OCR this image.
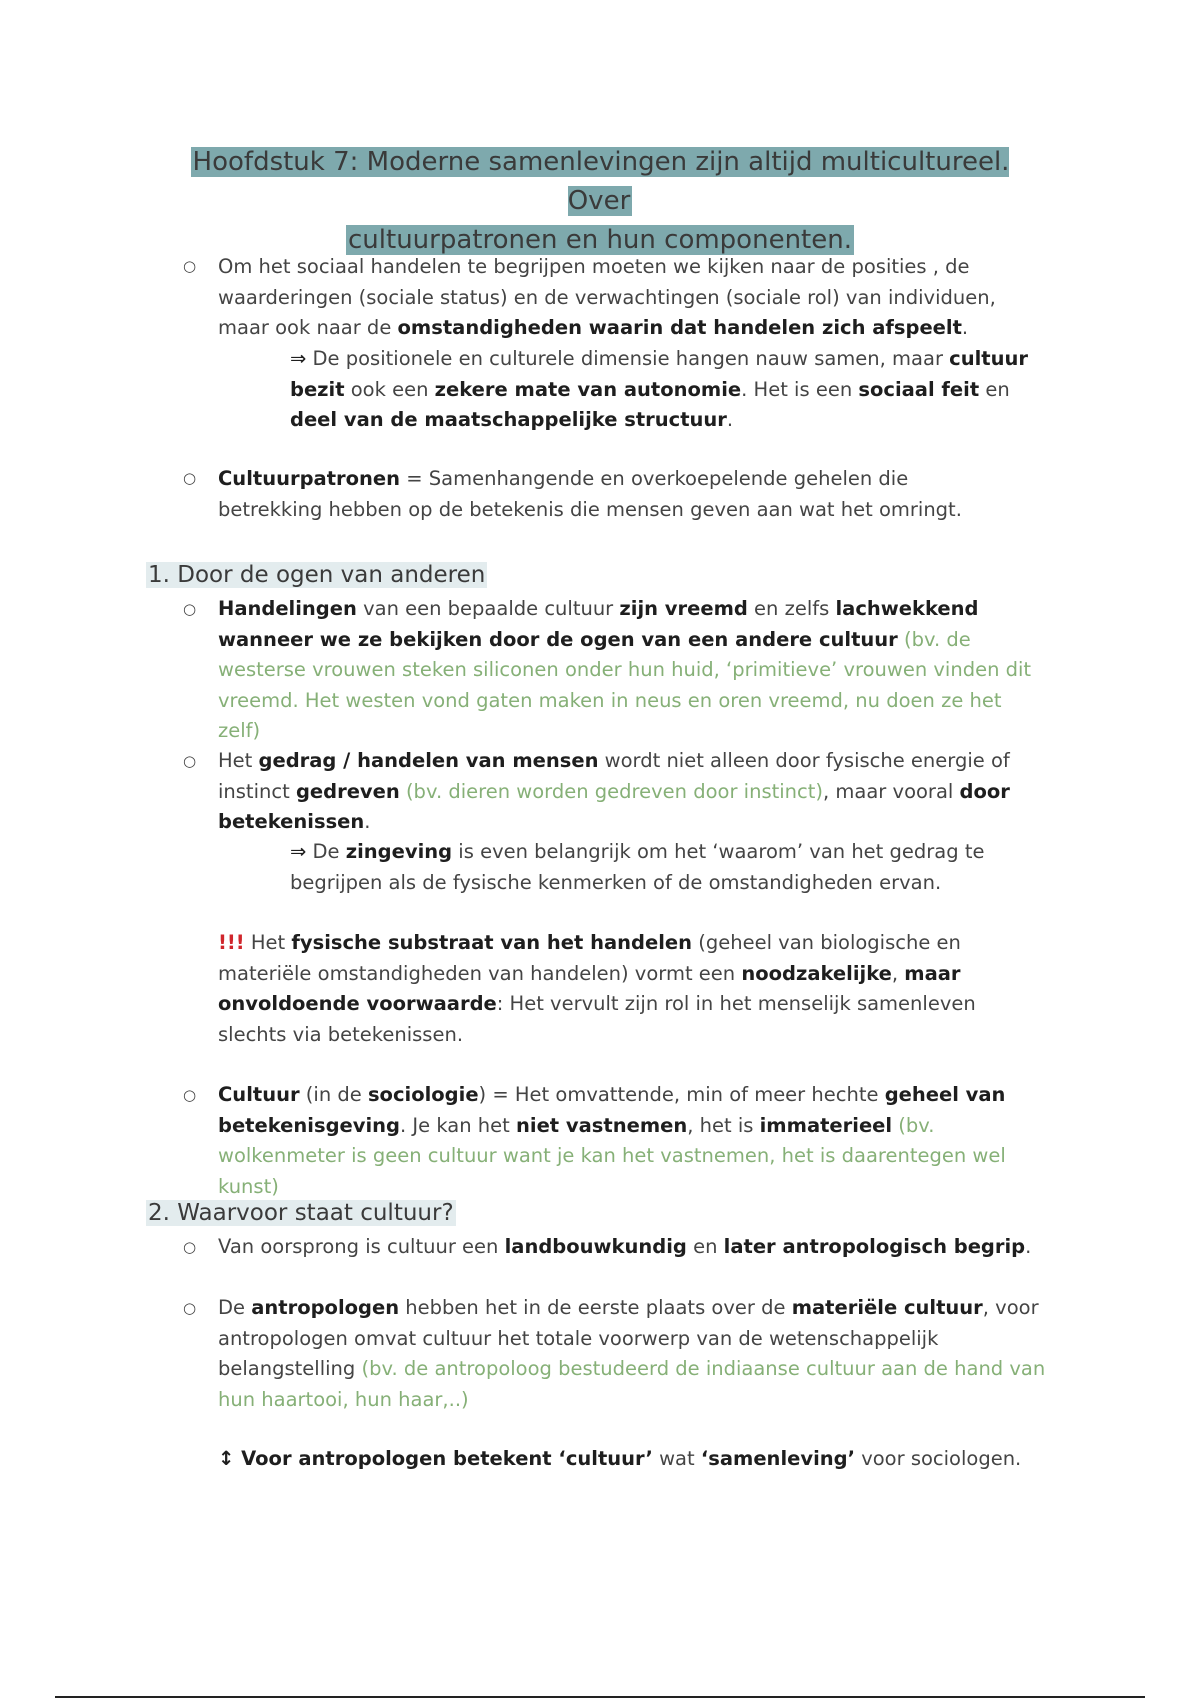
Hoofdstuk 7: Moderne samenlevingen zijn altijd multicultureel. Over
cultuurpatronen en hun componenten.
○ Om het sociaal handelen te begrijpen moeten we kijken naar de posities , de waarderingen (sociale status) en de verwachtingen (sociale rol) van individuen, maar ook naar de omstandigheden waarin dat handelen zich afspeelt.
⇒ De positionele en culturele dimensie hangen nauw samen, maar cultuur bezit ook een zekere mate van autonomie. Het is een sociaal feit en deel van de maatschappelijke structuur.
○ Cultuurpatronen = Samenhangende en overkoepelende gehelen die betrekking hebben op de betekenis die mensen geven aan wat het omringt.
1. Door de ogen van anderen
○ Handelingen van een bepaalde cultuur zijn vreemd en zelfs lachwekkend wanneer we ze bekijken door de ogen van een andere cultuur (bv. de westerse vrouwen steken siliconen onder hun huid, ‘primitieve’ vrouwen vinden dit vreemd. Het westen vond gaten maken in neus en oren vreemd, nu doen ze het zelf)
○ Het gedrag / handelen van mensen wordt niet alleen door fysische energie of instinct gedreven (bv. dieren worden gedreven door instinct), maar vooral door betekenissen.
⇒ De zingeving is even belangrijk om het ‘waarom’ van het gedrag te begrijpen als de fysische kenmerken of de omstandigheden ervan.
!!! Het fysische substraat van het handelen (geheel van biologische en materiële omstandigheden van handelen) vormt een noodzakelijke, maar onvoldoende voorwaarde: Het vervult zijn rol in het menselijk samenleven slechts via betekenissen.
○ Cultuur (in de sociologie) = Het omvattende, min of meer hechte geheel van betekenisgeving. Je kan het niet vastnemen, het is immaterieel (bv. wolkenmeter is geen cultuur want je kan het vastnemen, het is daarentegen wel kunst)
2. Waarvoor staat cultuur?
○ Van oorsprong is cultuur een landbouwkundig en later antropologisch begrip.
○ De antropologen hebben het in de eerste plaats over de materiële cultuur, voor antropologen omvat cultuur het totale voorwerp van de wetenschappelijk belangstelling (bv. de antropoloog bestudeerd de indiaanse cultuur aan de hand van hun haartooi, hun haar,..)
↕ Voor antropologen betekent ‘cultuur’ wat ‘samenleving’ voor sociologen.
